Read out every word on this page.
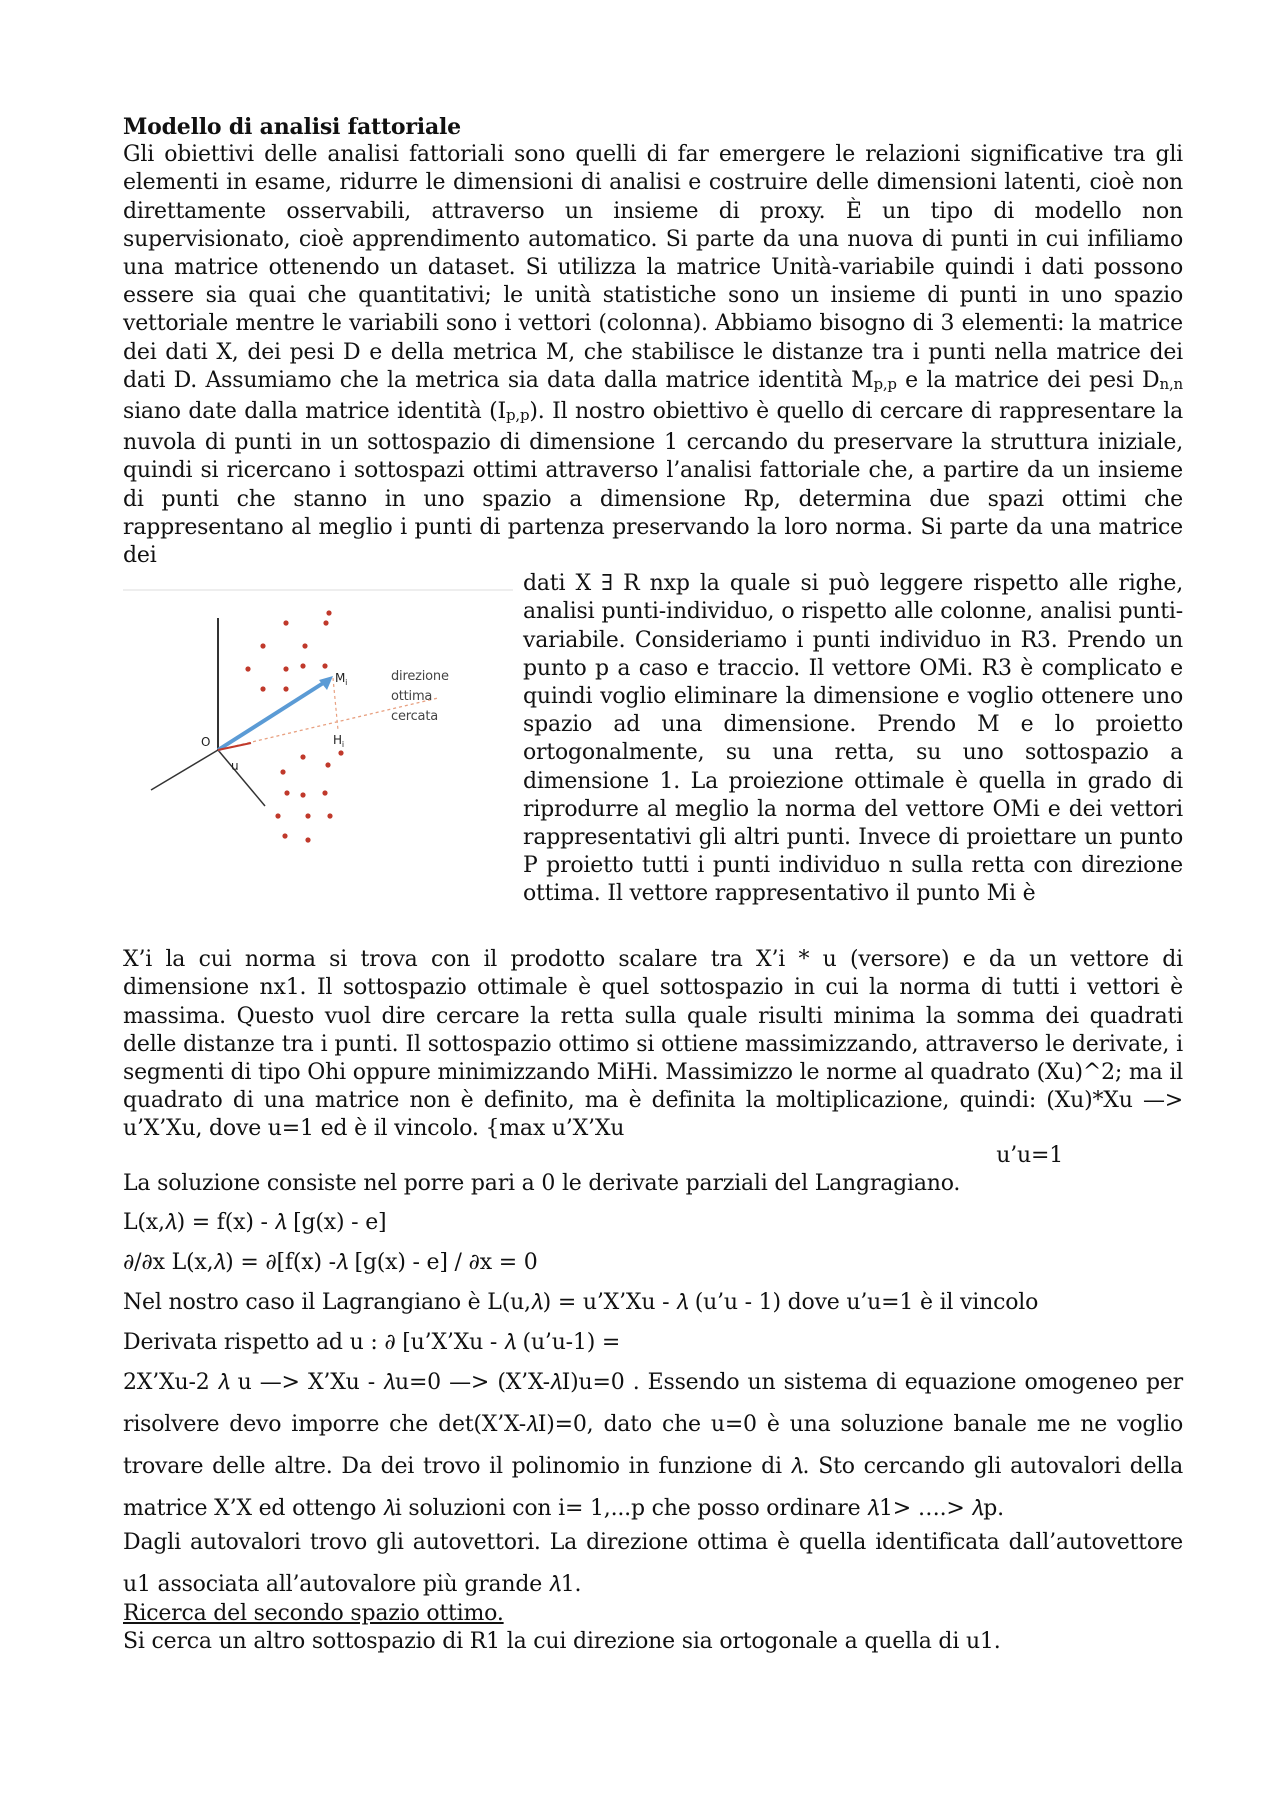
Modello di analisi fattoriale
Gli obiettivi delle analisi fattoriali sono quelli di far emergere le relazioni significative tra gli elementi in esame, ridurre le dimensioni di analisi e costruire delle dimensioni latenti, cioè non direttamente osservabili, attraverso un insieme di proxy. È un tipo di modello non supervisionato, cioè apprendimento automatico. Si parte da una nuova di punti in cui infiliamo una matrice ottenendo un dataset. Si utilizza la matrice Unità-variabile quindi i dati possono essere sia quai che quantitativi; le unità statistiche sono un insieme di punti in uno spazio vettoriale mentre le variabili sono i vettori (colonna). Abbiamo bisogno di 3 elementi: la matrice dei dati X, dei pesi D e della metrica M, che stabilisce le distanze tra i punti nella matrice dei dati D. Assumiamo che la metrica sia data dalla matrice identità $M_{p,p}$ e la matrice dei pesi $D_{n,n}$ siano date dalla matrice identità $(I_{p,p})$. Il nostro obiettivo è quello di cercare di rappresentare la nuvola di punti in un sottospazio di dimensione 1 cercando du preservare la struttura iniziale, quindi si ricercano i sottospazi ottimi attraverso l’analisi fattoriale che, a partire da un insieme di punti che stanno in uno spazio a dimensione Rp, determina due spazi ottimi che rappresentano al meglio i punti di partenza preservando la loro norma. Si parte da una matrice dei
O
u
$M_i$
$H_i$
direzione
ottima
cercata
dati X ∃ R nxp la quale si può leggere rispetto alle righe, analisi punti-individuo, o rispetto alle colonne, analisi punti-variabile. Consideriamo i punti individuo in R3. Prendo un punto p a caso e traccio. Il vettore OMi. R3 è complicato e quindi voglio eliminare la dimensione e voglio ottenere uno spazio ad una dimensione. Prendo M e lo proietto ortogonalmente, su una retta, su uno sottospazio a dimensione 1. La proiezione ottimale è quella in grado di riprodurre al meglio la norma del vettore OMi e dei vettori rappresentativi gli altri punti. Invece di proiettare un punto P proietto tutti i punti individuo n sulla retta con direzione ottima. Il vettore rappresentativo il punto Mi è
X’i la cui norma si trova con il prodotto scalare tra X’i * u (versore) e da un vettore di dimensione nx1. Il sottospazio ottimale è quel sottospazio in cui la norma di tutti i vettori è massima. Questo vuol dire cercare la retta sulla quale risulti minima la somma dei quadrati delle distanze tra i punti. Il sottospazio ottimo si ottiene massimizzando, attraverso le derivate, i segmenti di tipo Ohi oppure minimizzando MiHi. Massimizzo le norme al quadrato (Xu)^2; ma il quadrato di una matrice non è definito, ma è definita la moltiplicazione, quindi: (Xu)*Xu —> u’X’Xu, dove u=1 ed è il vincolo. {max u’X’Xu
u’u=1
La soluzione consiste nel porre pari a 0 le derivate parziali del Langragiano.
L(x,𝜆) = f(x) - 𝜆 [g(x) - e]
∂/∂x L(x,𝜆) = ∂[f(x) -𝜆 [g(x) - e] / ∂x = 0
Nel nostro caso il Lagrangiano è L(u,𝜆) = u’X’Xu - 𝜆 (u’u - 1) dove u’u=1 è il vincolo
Derivata rispetto ad u : ∂ [u’X’Xu - 𝜆 (u’u-1) =
2X’Xu-2 𝜆 u —> X’Xu - 𝜆u=0 —> (X’X-𝜆I)u=0 . Essendo un sistema di equazione omogeneo per risolvere devo imporre che det(X’X-𝜆I)=0, dato che u=0 è una soluzione banale me ne voglio trovare delle altre. Da dei trovo il polinomio in funzione di 𝜆. Sto cercando gli autovalori della matrice X’X ed ottengo 𝜆i soluzioni con i= 1,...p che posso ordinare 𝜆1> ….> 𝜆p.
Dagli autovalori trovo gli autovettori. La direzione ottima è quella identificata dall’autovettore u1 associata all’autovalore più grande 𝜆1.
Ricerca del secondo spazio ottimo.
Si cerca un altro sottospazio di R1 la cui direzione sia ortogonale a quella di u1.
